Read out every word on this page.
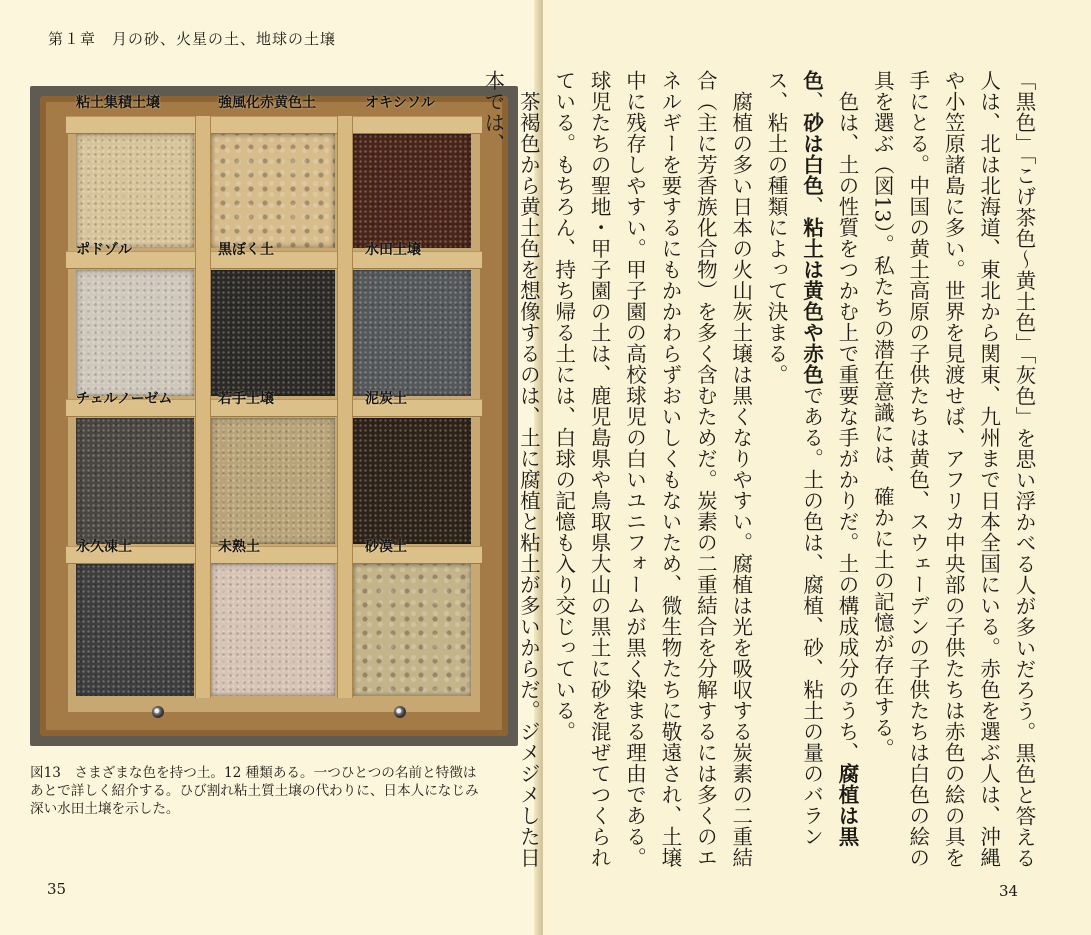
第１章　月の砂、火星の土、地球の土壌
粘土集積土壌	強風化赤黄色土	オキシソル
ポドゾル	黒ぼく土	水田土壌
チェルノーゼム	若手土壌	泥炭土
永久凍土	未熟土	砂漠土
図13　さまざまな色を持つ土。12 種類ある。一つひとつの名前と特徴は
あとで詳しく紹介する。ひび割れ粘土質土壌の代わりに、日本人になじみ
深い水田土壌を示した。
35

「黒色」「こげ茶色～黄土色」「灰色」を思い浮かべる人が多いだろう。黒色と答える人は、北は北海道、東北から関東、九州まで日本全国にいる。赤色を選ぶ人は、沖縄や小笠原諸島に多い。世界を見渡せば、アフリカ中央部の子供たちは赤色の絵の具を手にとる。中国の黄土高原の子供たちは黄色、スウェーデンの子供たちは白色の絵の具を選ぶ（図13）。私たちの潜在意識には、確かに土の記憶が存在する。

色は、土の性質をつかむ上で重要な手がかりだ。土の構成成分のうち、腐植は黒色、砂は白色、粘土は黄色や赤色である。土の色は、腐植、砂、粘土の量のバランス、粘土の種類によって決まる。

腐植の多い日本の火山灰土壌は黒くなりやすい。腐植は光を吸収する炭素の二重結合（主に芳香族化合物）を多く含むためだ。炭素の二重結合を分解するには多くのエネルギーを要するにもかかわらずおいしくもないため、微生物たちに敬遠され、土壌中に残存しやすい。甲子園の高校球児の白いユニフォームが黒く染まる理由である。球児たちの聖地・甲子園の土は、鹿児島県や鳥取県大山の黒土に砂を混ぜてつくられている。もちろん、持ち帰る土には、白球の記憶も入り交じっている。

茶褐色から黄土色を想像するのは、土に腐植と粘土が多いからだ。ジメジメした日本では、

34
